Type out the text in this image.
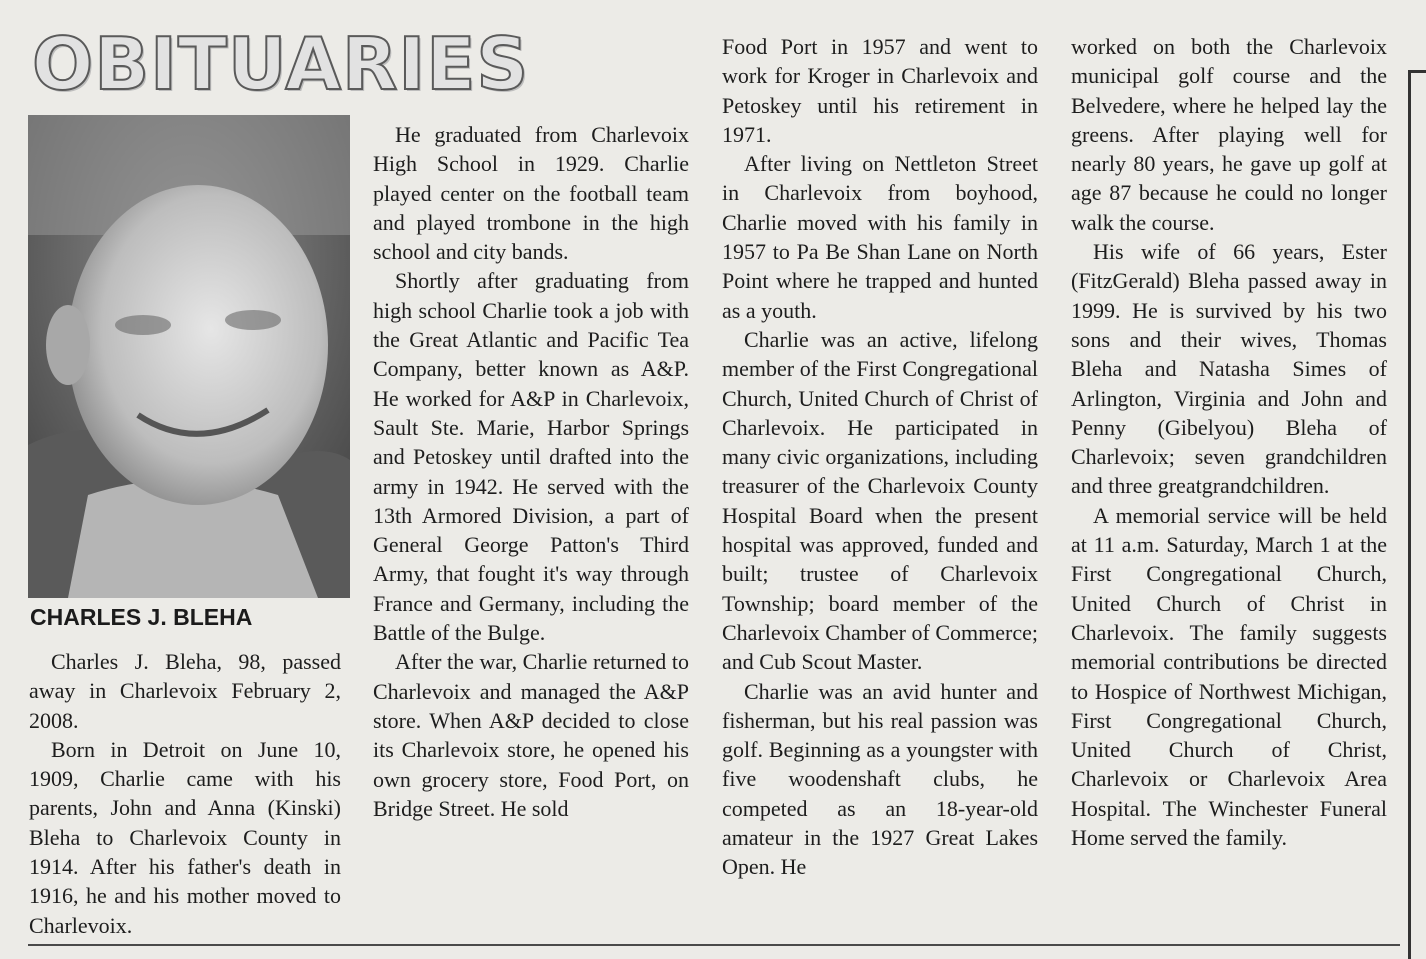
OBITUARIES
CHARLES J. BLEHA

Charles J. Bleha, 98, passed away in Charlevoix February 2, 2008.

Born in Detroit on June 10, 1909, Charlie came with his parents, John and Anna (Kinski) Bleha to Charlevoix County in 1914. After his father's death in 1916, he and his mother moved to Charlevoix.

He graduated from Charlevoix High School in 1929. Charlie played center on the football team and played trombone in the high school and city bands.

Shortly after graduating from high school Charlie took a job with the Great Atlantic and Pacific Tea Company, better known as A&P. He worked for A&P in Charlevoix, Sault Ste. Marie, Harbor Springs and Petoskey until drafted into the army in 1942. He served with the 13th Armored Division, a part of General George Patton's Third Army, that fought it's way through France and Germany, including the Battle of the Bulge.

After the war, Charlie returned to Charlevoix and managed the A&P store. When A&P decided to close its Charlevoix store, he opened his own grocery store, Food Port, on Bridge Street. He sold

Food Port in 1957 and went to work for Kroger in Charlevoix and Petoskey until his retirement in 1971.

After living on Nettleton Street in Charlevoix from boyhood, Charlie moved with his family in 1957 to Pa Be Shan Lane on North Point where he trapped and hunted as a youth.

Charlie was an active, lifelong member of the First Congregational Church, United Church of Christ of Charlevoix. He participated in many civic organizations, including treasurer of the Charlevoix County Hospital Board when the present hospital was approved, funded and built; trustee of Charlevoix Township; board member of the Charlevoix Chamber of Commerce; and Cub Scout Master.

Charlie was an avid hunter and fisherman, but his real passion was golf. Beginning as a youngster with five woodenshaft clubs, he competed as an 18-year-old amateur in the 1927 Great Lakes Open. He

worked on both the Charlevoix municipal golf course and the Belvedere, where he helped lay the greens. After playing well for nearly 80 years, he gave up golf at age 87 because he could no longer walk the course.

His wife of 66 years, Ester (FitzGerald) Bleha passed away in 1999. He is survived by his two sons and their wives, Thomas Bleha and Natasha Simes of Arlington, Virginia and John and Penny (Gibelyou) Bleha of Charlevoix; seven grandchildren and three greatgrandchildren.

A memorial service will be held at 11 a.m. Saturday, March 1 at the First Congregational Church, United Church of Christ in Charlevoix. The family suggests memorial contributions be directed to Hospice of Northwest Michigan, First Congregational Church, United Church of Christ, Charlevoix or Charlevoix Area Hospital. The Winchester Funeral Home served the family.
